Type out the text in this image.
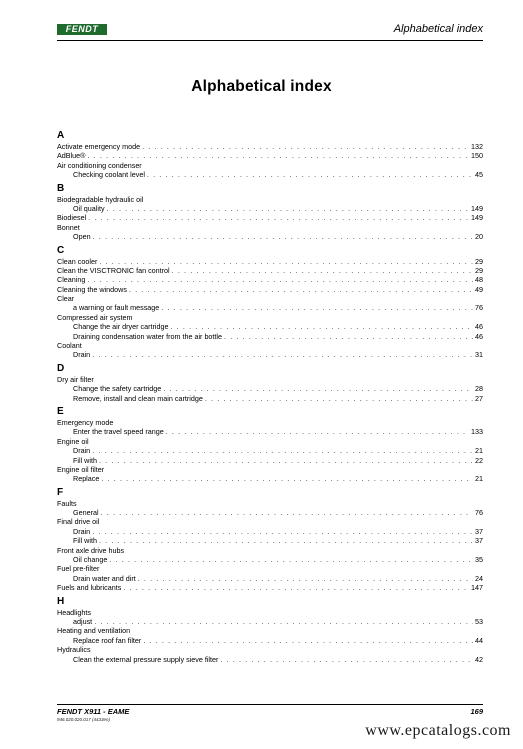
FENDT	Alphabetical index
Alphabetical index
A
Activate emergency mode . . .	132
AdBlue® . . .	150
Air conditioning condenser
Checking coolant level . . .	45
B
Biodegradable hydraulic oil
Oil quality . . .	149
Biodiesel . . .	149
Bonnet
Open . . .	20
C
Clean cooler . . .	29
Clean the VISCTRONIC fan control . . .	29
Cleaning . . .	48
Cleaning the windows . . .	49
Clear
a warning or fault message . . .	76
Compressed air system
Change the air dryer cartridge . . .	46
Draining condensation water from the air bottle . . .	46
Coolant
Drain . . .	31
D
Dry air filter
Change the safety cartridge . . .	28
Remove, install and clean main cartridge . . .	27
E
Emergency mode
Enter the travel speed range . . .	133
Engine oil
Drain . . .	21
Fill with . . .	22
Engine oil filter
Replace . . .	21
F
Faults
General . . .	76
Final drive oil
Drain . . .	37
Fill with . . .	37
Front axle drive hubs
Oil change . . .	35
Fuel pre-filter
Drain water and dirt . . .	24
Fuels and lubricants . . .	147
H
Headlights
adjust . . .	53
Heating and ventilation
Replace roof fan filter . . .	44
Hydraulics
Clean the external pressure supply sieve filter . . .	42
FENDT X911 - EAME
946.020.020.017 (4433en)
169
www.epcatalogs.com
